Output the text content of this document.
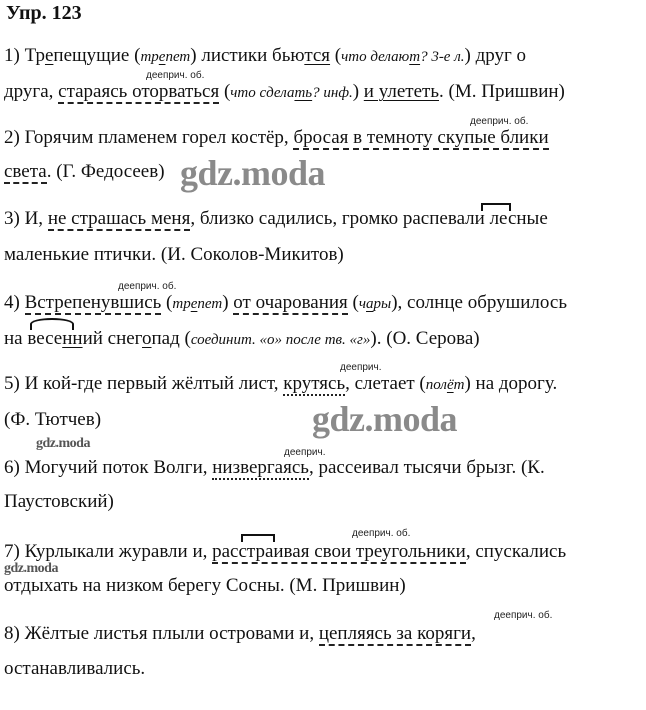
Упр. 123
1) Трепещущие (трепет) листики бьются (что делают? 3-е л.) друг о
дееприч. об.
друга, стараясь оторваться (что сделать? инф.) и улететь. (М. Пришвин)
дееприч. об.
2) Горячим пламенем горел костёр, бросая в темноту скупые блики
света. (Г. Федосеев) gdz.moda
3) И, не страшась меня, близко садились, громко распевали лесные
маленькие птички. (И. Соколов-Микитов)
дееприч. об.
4) Встрепенувшись (трепет) от очарования (чары), солнце обрушилось
на весенний снегопад (соединит. «о» после тв. «г»). (О. Серова)
дееприч.
5) И кой-где первый жёлтый лист, крутясь, слетает (полёт) на дорогу.
(Ф. Тютчев)	gdz.moda
gdz.moda
дееприч.
6) Могучий поток Волги, низвергаясь, рассеивал тысячи брызг. (К.
Паустовский)
дееприч. об.
7) Курлыкали журавли и, расстраивая свои треугольники, спускались
gdz.moda
отдыхать на низком берегу Сосны. (М. Пришвин)
дееприч. об.
8) Жёлтые листья плыли островами и, цепляясь за коряги,
останавливались.
